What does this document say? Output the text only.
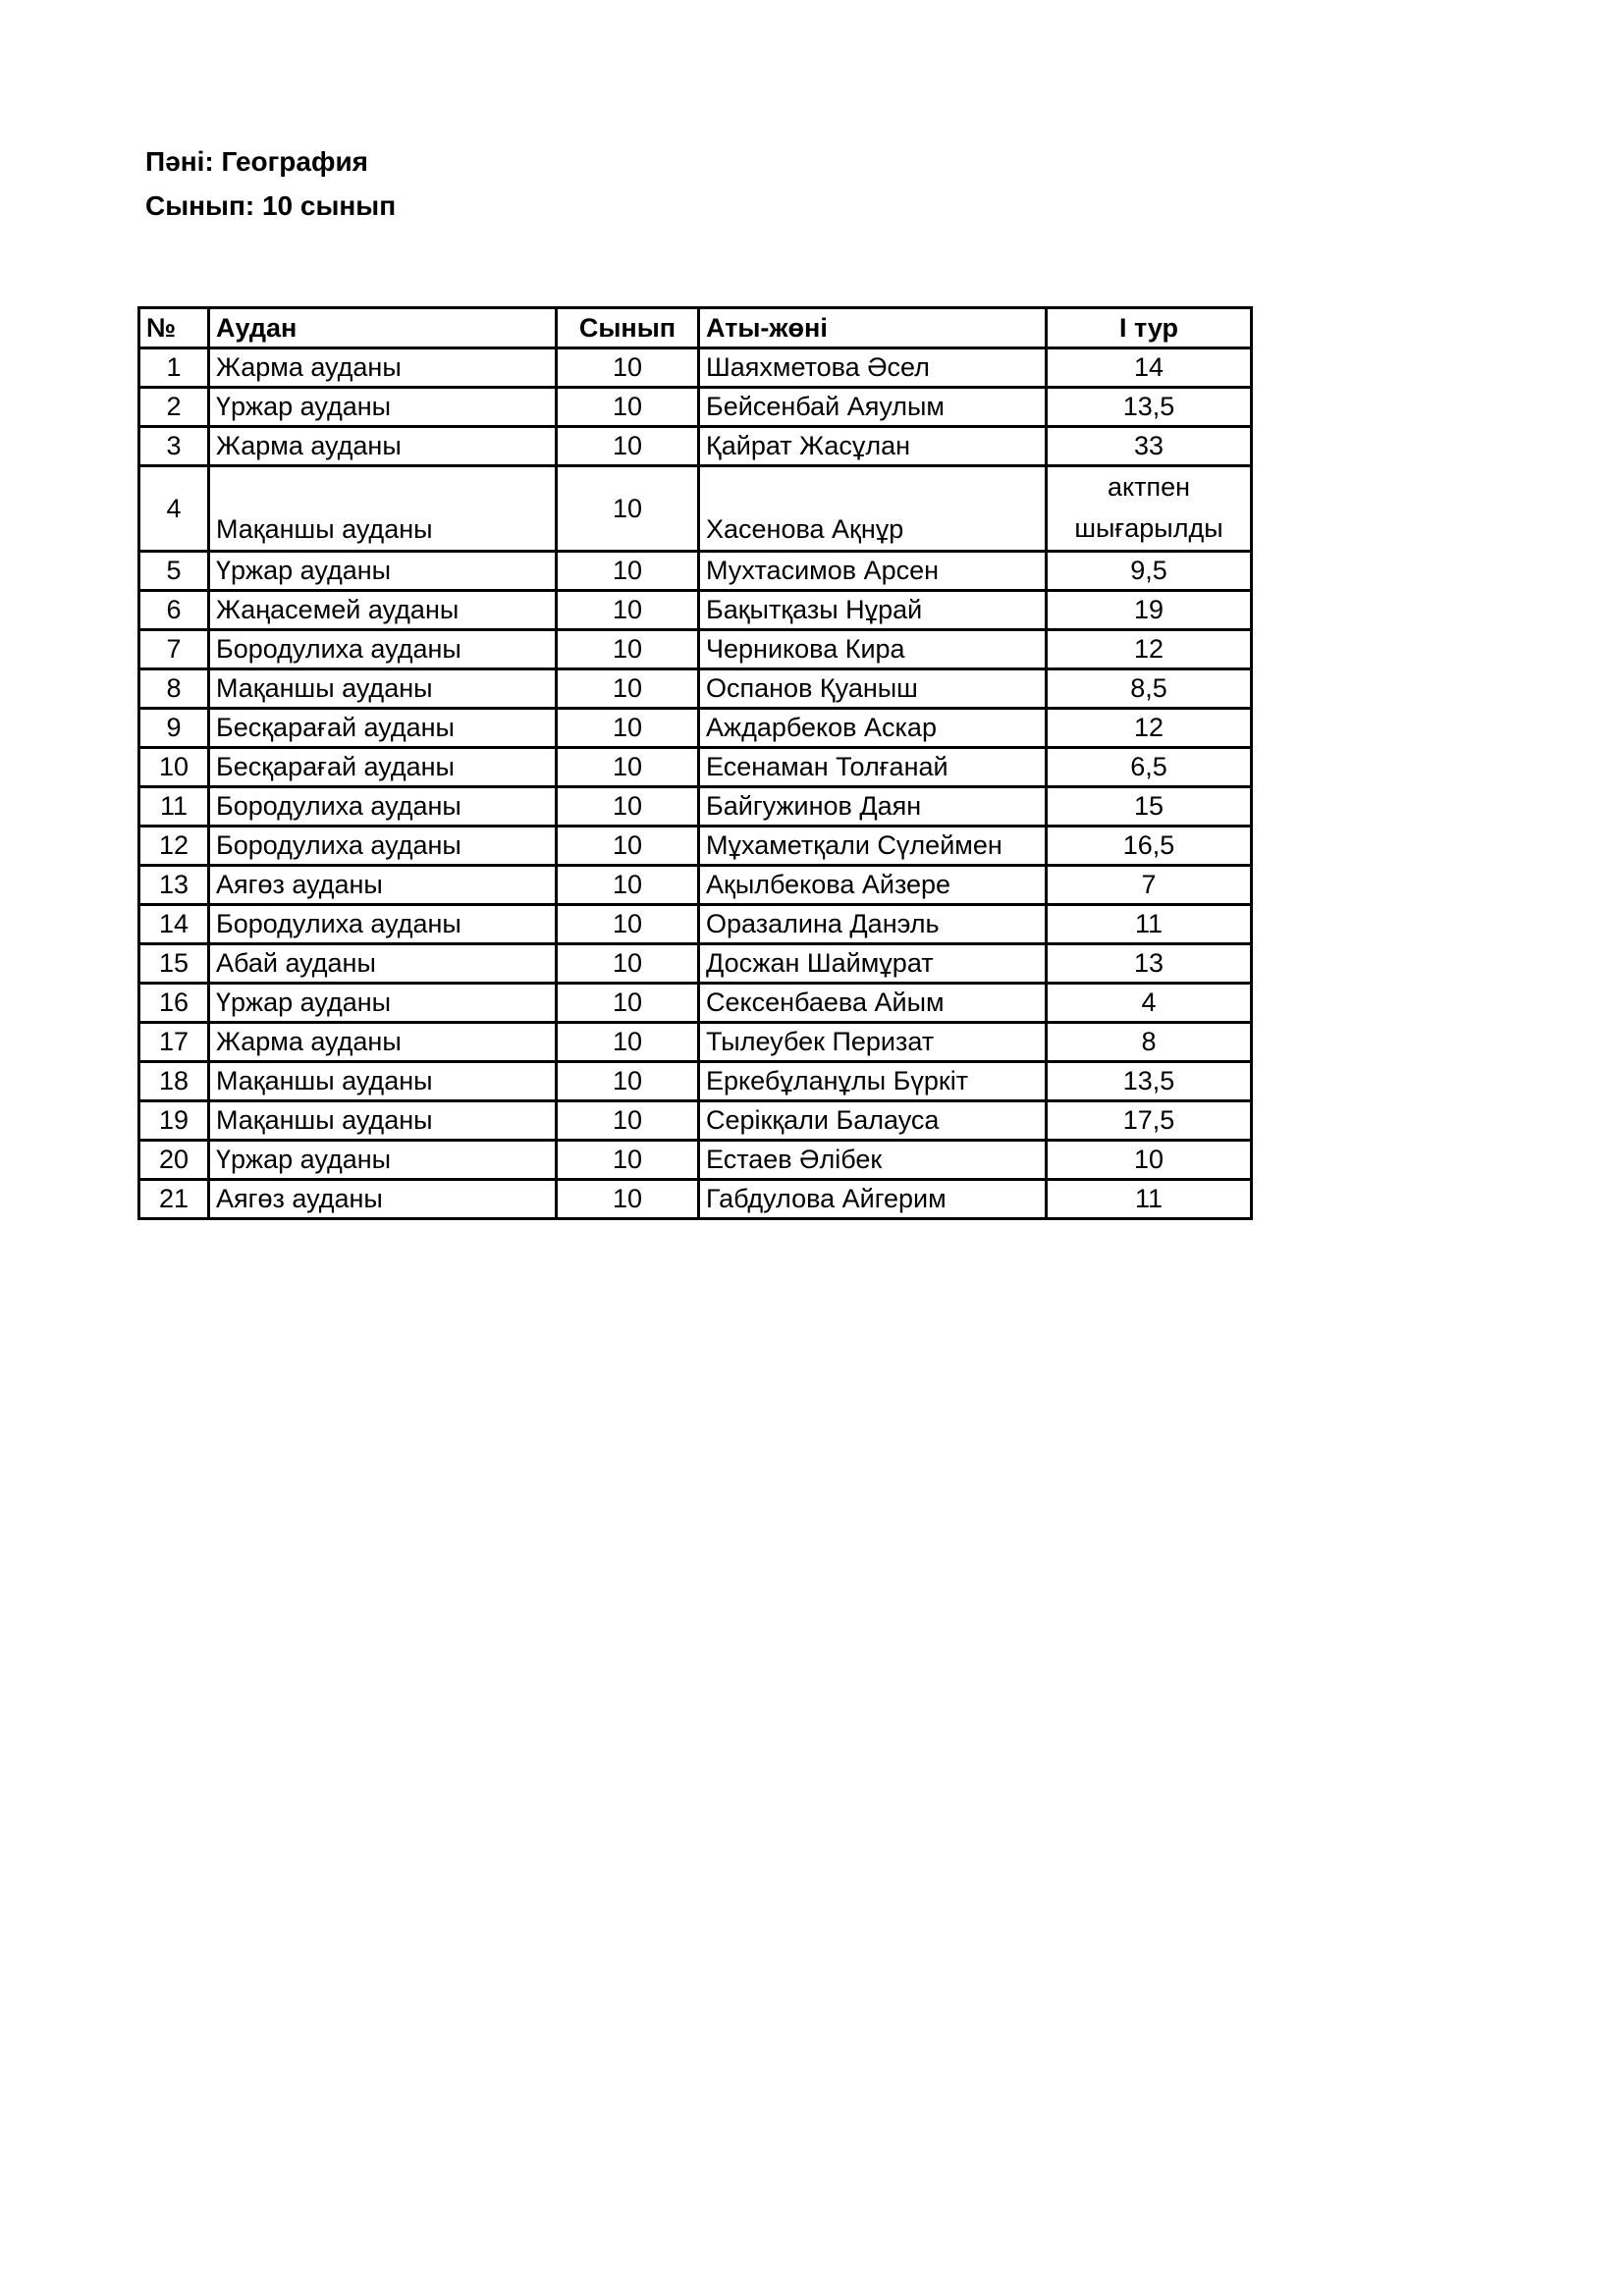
Пәні: География
Сынып: 10 сынып
№	Аудан	Сынып	Аты-жөні	І тур
1	Жарма ауданы	10	Шаяхметова Әсел	14
2	Үржар ауданы	10	Бейсенбай Аяулым	13,5
3	Жарма ауданы	10	Қайрат Жасұлан	33
4	Мақаншы ауданы	10	Хасенова Ақнұр	актпен шығарылды
5	Үржар ауданы	10	Мухтасимов Арсен	9,5
6	Жаңасемей ауданы	10	Бақытқазы Нұрай	19
7	Бородулиха ауданы	10	Черникова Кира	12
8	Мақаншы ауданы	10	Оспанов Қуаныш	8,5
9	Бесқарағай ауданы	10	Аждарбеков Аскар	12
10	Бесқарағай ауданы	10	Есенаман Толғанай	6,5
11	Бородулиха ауданы	10	Байгужинов Даян	15
12	Бородулиха ауданы	10	Мұхаметқали Сүлеймен	16,5
13	Аягөз ауданы	10	Ақылбекова Айзере	7
14	Бородулиха ауданы	10	Оразалина Данэль	11
15	Абай ауданы	10	Досжан Шаймұрат	13
16	Үржар ауданы	10	Сексенбаева Айым	4
17	Жарма ауданы	10	Тылеубек Перизат	8
18	Мақаншы ауданы	10	Еркебұланұлы Бүркіт	13,5
19	Мақаншы ауданы	10	Серікқали Балауса	17,5
20	Үржар ауданы	10	Естаев Әлібек	10
21	Аягөз ауданы	10	Габдулова Айгерим	11
